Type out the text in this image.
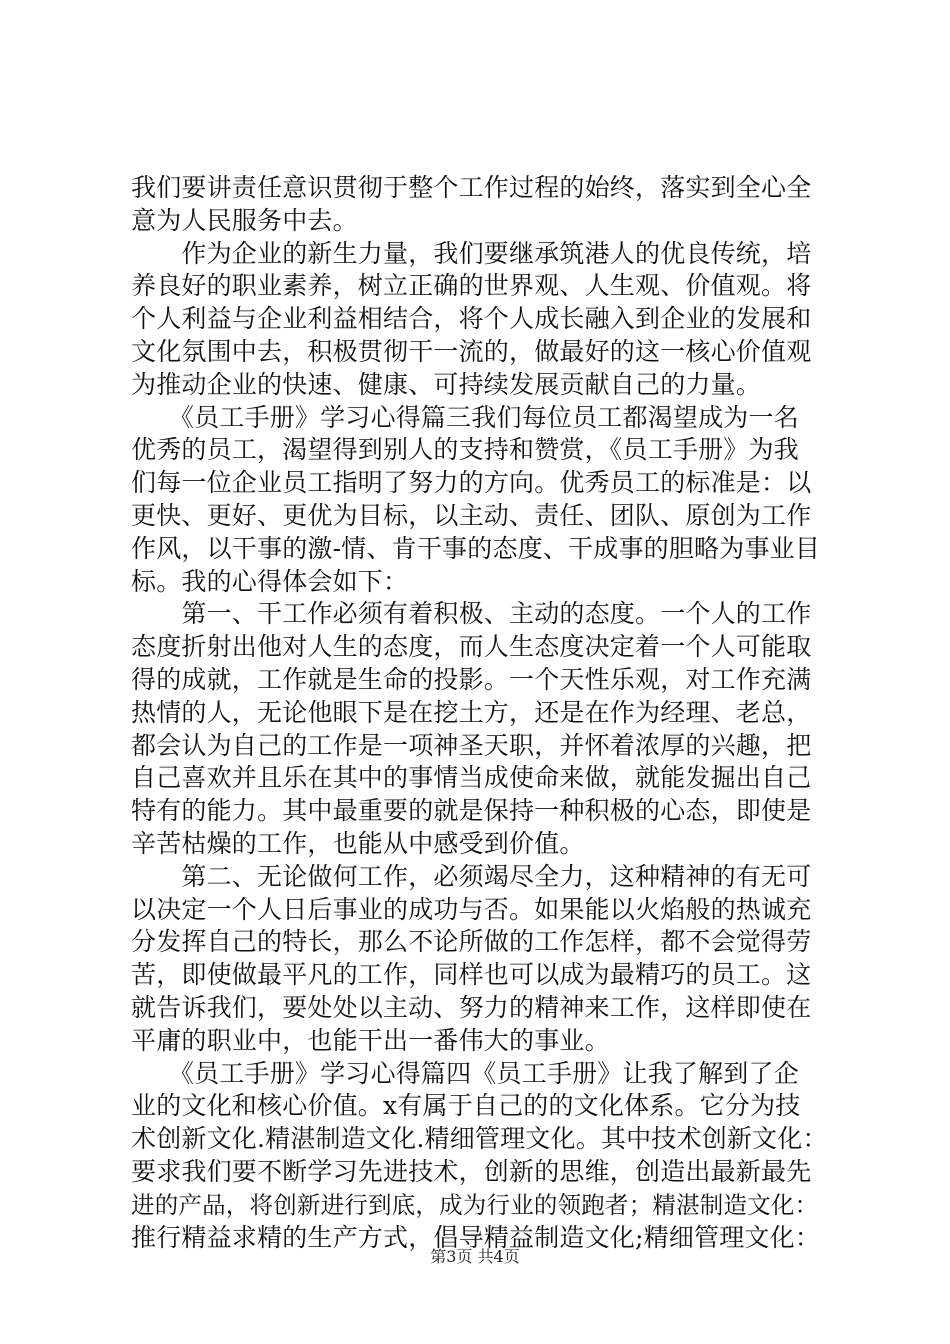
我们要讲责任意识贯彻于整个工作过程的始终，落实到全心全
意为人民服务中去。
　　作为企业的新生力量，我们要继承筑港人的优良传统，培
养良好的职业素养，树立正确的世界观、人生观、价值观。将
个人利益与企业利益相结合，将个人成长融入到企业的发展和
文化氛围中去，积极贯彻干一流的，做最好的这一核心价值观
为推动企业的快速、健康、可持续发展贡献自己的力量。
　　《员工手册》学习心得篇三我们每位员工都渴望成为一名
优秀的员工，渴望得到别人的支持和赞赏，《员工手册》为我
们每一位企业员工指明了努力的方向。优秀员工的标准是：以
更快、更好、更优为目标，以主动、责任、团队、原创为工作
作风，以干事的激-情、肯干事的态度、干成事的胆略为事业目
标。我的心得体会如下：
　　第一、干工作必须有着积极、主动的态度。一个人的工作
态度折射出他对人生的态度，而人生态度决定着一个人可能取
得的成就，工作就是生命的投影。一个天性乐观，对工作充满
热情的人，无论他眼下是在挖土方，还是在作为经理、老总，
都会认为自己的工作是一项神圣天职，并怀着浓厚的兴趣，把
自己喜欢并且乐在其中的事情当成使命来做，就能发掘出自己
特有的能力。其中最重要的就是保持一种积极的心态，即使是
辛苦枯燥的工作，也能从中感受到价值。
　　第二、无论做何工作，必须竭尽全力，这种精神的有无可
以决定一个人日后事业的成功与否。如果能以火焰般的热诚充
分发挥自己的特长，那么不论所做的工作怎样，都不会觉得劳
苦，即使做最平凡的工作，同样也可以成为最精巧的员工。这
就告诉我们，要处处以主动、努力的精神来工作，这样即使在
平庸的职业中，也能干出一番伟大的事业。
　　《员工手册》学习心得篇四《员工手册》让我了解到了企
业的文化和核心价值。x有属于自己的的文化体系。它分为技
术创新文化.精湛制造文化.精细管理文化。其中技术创新文化：
要求我们要不断学习先进技术，创新的思维，创造出最新最先
进的产品，将创新进行到底，成为行业的领跑者；精湛制造文化：
推行精益求精的生产方式，倡导精益制造文化;精细管理文化：
第3页 共4页
